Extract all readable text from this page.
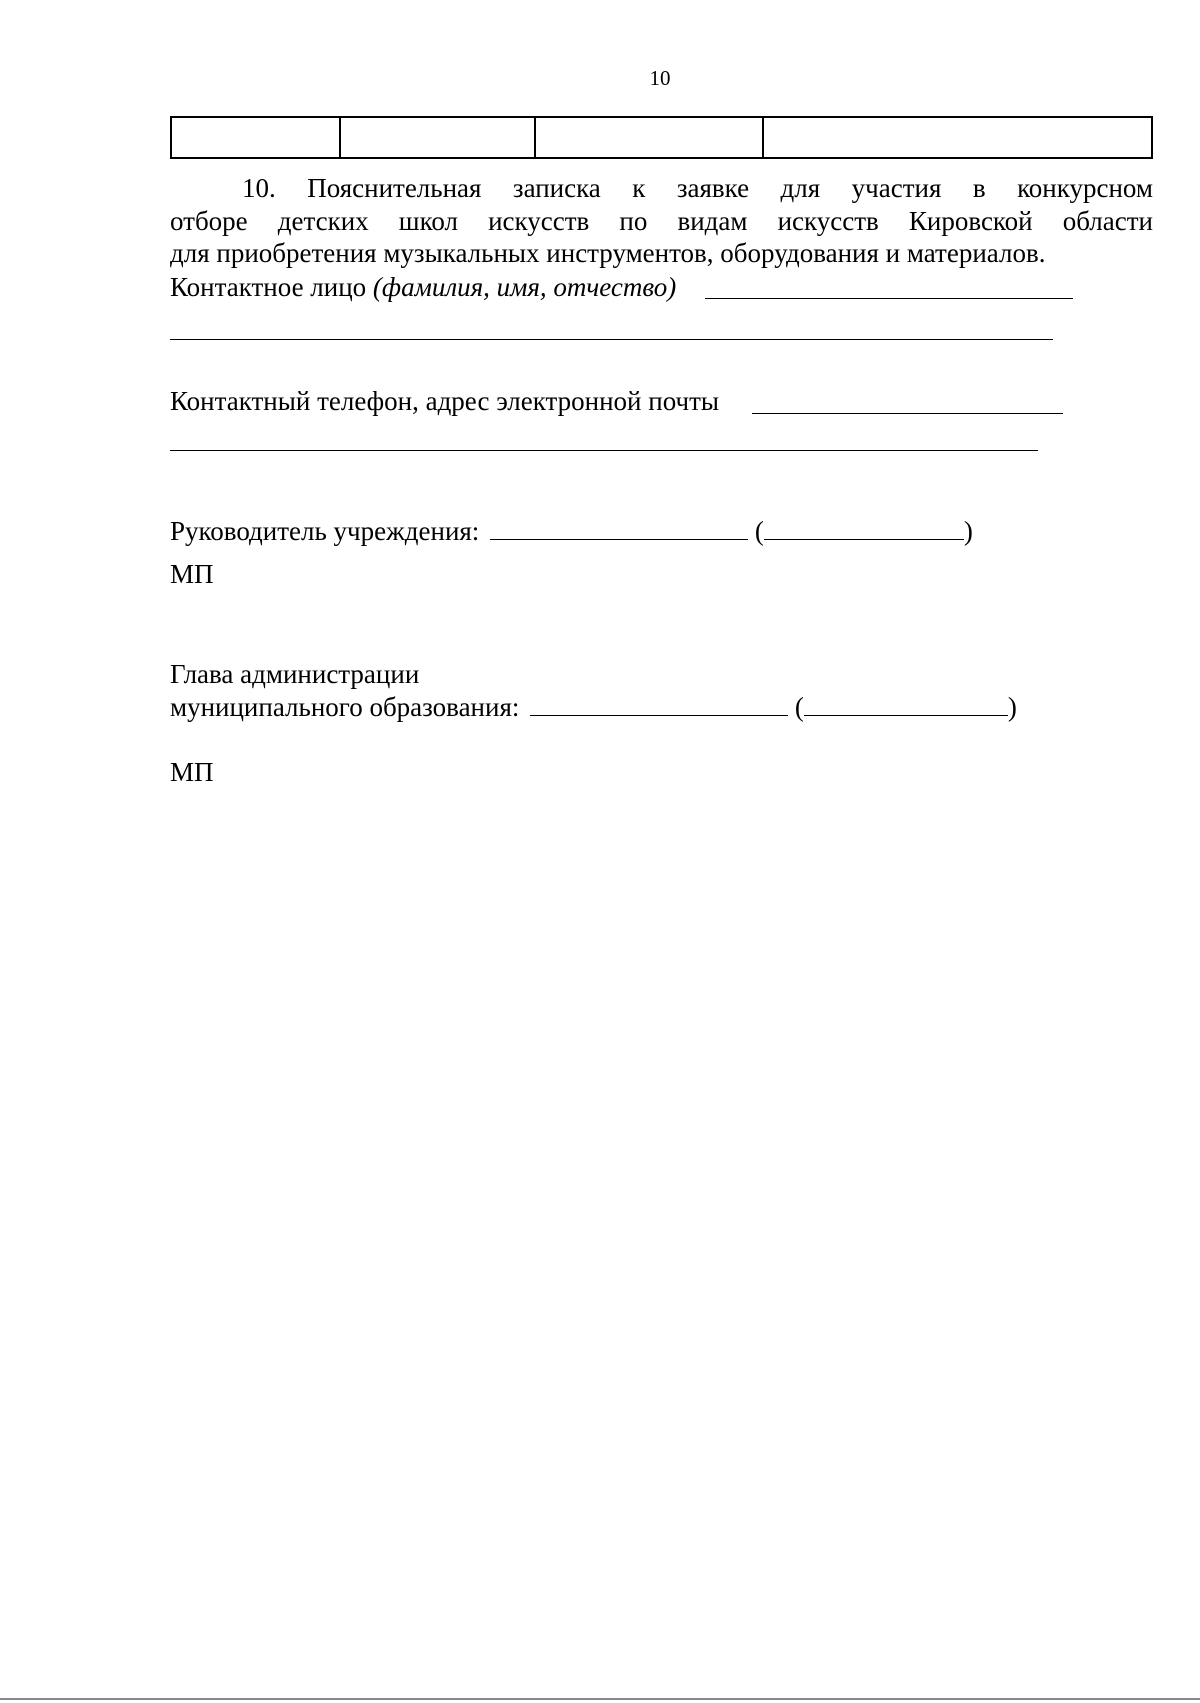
10

10. Пояснительная записка к заявке для участия в конкурсном
отборе детских школ искусств по видам искусств Кировской области
для приобретения музыкальных инструментов, оборудования и материалов.
Контактное лицо (фамилия, имя, отчество)
Контактный телефон, адрес электронной почты
Руководитель учреждения:	(	)
МП
Глава администрации
муниципального образования:	(	)
МП
